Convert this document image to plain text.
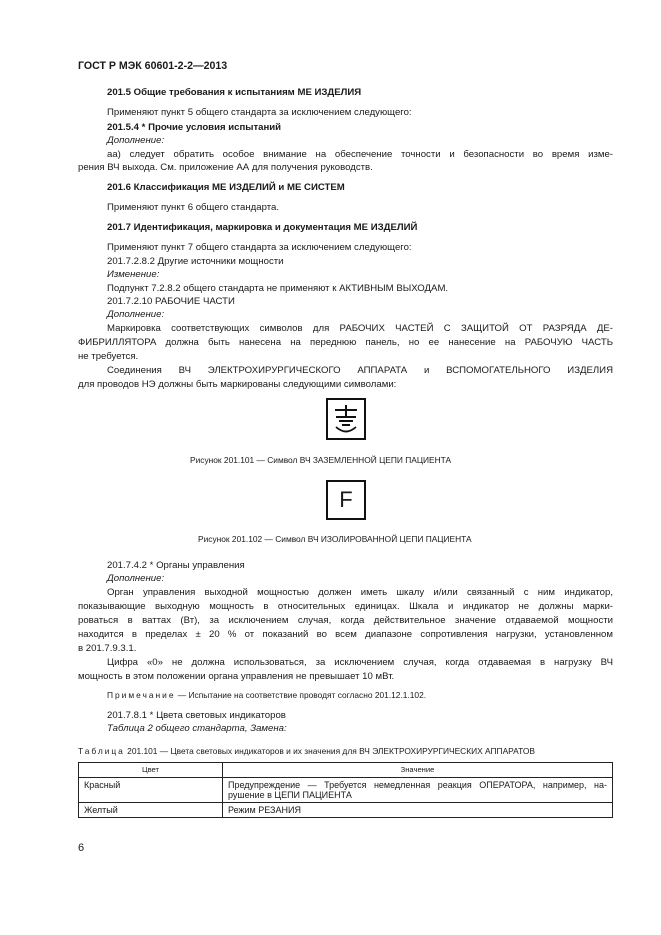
ГОСТ Р МЭК 60601-2-2—2013
201.5 Общие требования к испытаниям МЕ ИЗДЕЛИЯ
Применяют пункт 5 общего стандарта за исключением следующего:
201.5.4 * Прочие условия испытаний
Дополнение:
аа) следует обратить особое внимание на обеспечение точности и безопасности во время изме-
рения ВЧ выхода. См. приложение АА для получения руководств.
201.6 Классификация МЕ ИЗДЕЛИЙ и МЕ СИСТЕМ
Применяют пункт 6 общего стандарта.
201.7 Идентификация, маркировка и документация МЕ ИЗДЕЛИЙ
Применяют пункт 7 общего стандарта за исключением следующего:
201.7.2.8.2 Другие источники мощности
Изменение:
Подпункт 7.2.8.2 общего стандарта не применяют к АКТИВНЫМ ВЫХОДАМ.
201.7.2.10 РАБОЧИЕ ЧАСТИ
Дополнение:
Маркировка соответствующих символов для РАБОЧИХ ЧАСТЕЙ С ЗАЩИТОЙ ОТ РАЗРЯДА ДЕ-
ФИБРИЛЛЯТОРА должна быть нанесена на переднюю панель, но ее нанесение на РАБОЧУЮ ЧАСТЬ
не требуется.
Соединения ВЧ ЭЛЕКТРОХИРУРГИЧЕСКОГО АППАРАТА и ВСПОМОГАТЕЛЬНОГО ИЗДЕЛИЯ
для проводов НЭ должны быть маркированы следующими символами:
Рисунок 201.101 — Символ ВЧ ЗАЗЕМЛЕННОЙ ЦЕПИ ПАЦИЕНТА
F
Рисунок 201.102 — Символ ВЧ ИЗОЛИРОВАННОЙ ЦЕПИ ПАЦИЕНТА
201.7.4.2 * Органы управления
Дополнение:
Орган управления выходной мощностью должен иметь шкалу и/или связанный с ним индикатор,
показывающие выходную мощность в относительных единицах. Шкала и индикатор не должны марки-
роваться в ваттах (Вт), за исключением случая, когда действительное значение отдаваемой мощности
находится в пределах ± 20 % от показаний во всем диапазоне сопротивления нагрузки, установленном
в 201.7.9.3.1.
Цифра «0» не должна использоваться, за исключением случая, когда отдаваемая в нагрузку ВЧ
мощность в этом положении органа управления не превышает 10 мВт.
Примечание — Испытание на соответствие проводят согласно 201.12.1.102.
201.7.8.1 * Цвета световых индикаторов
Таблица 2 общего стандарта, Замена:
Таблица 201.101 — Цвета световых индикаторов и их значения для ВЧ ЭЛЕКТРОХИРУРГИЧЕСКИХ АППАРАТОВ
Цвет	Значение
Красный	Предупреждение — Требуется немедленная реакция ОПЕРАТОРА, например, на-
рушение в ЦЕПИ ПАЦИЕНТА

Желтый	Режим РЕЗАНИЯ
6
